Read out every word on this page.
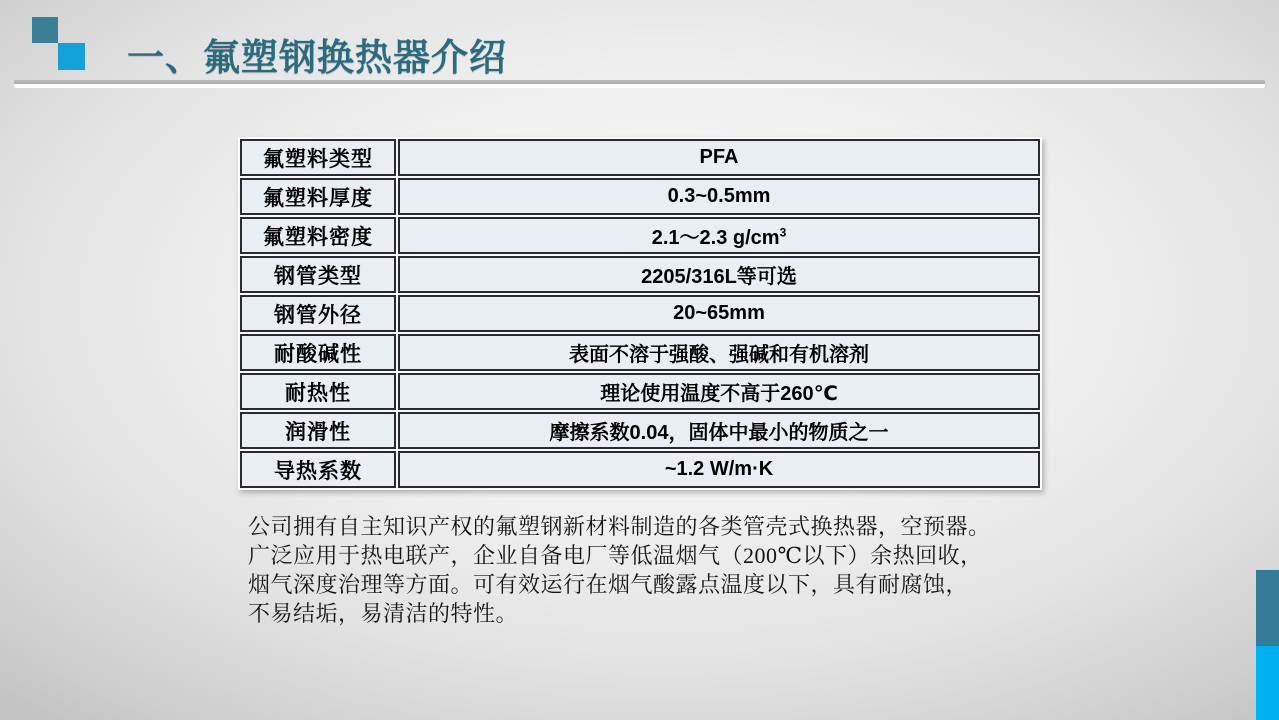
一、氟塑钢换热器介绍
氟塑料类型	PFA
氟塑料厚度	0.3~0.5mm
氟塑料密度	2.1～2.3 $g/cm^3$
钢管类型	2205/316L等可选
钢管外径	20~65mm
耐酸碱性	表面不溶于强酸、强碱和有机溶剂
耐热性	理论使用温度不高于260℃
润滑性	摩擦系数0.04，固体中最小的物质之一
导热系数	~1.2 W/m·K
公司拥有自主知识产权的氟塑钢新材料制造的各类管壳式换热器，空预器。
广泛应用于热电联产，企业自备电厂等低温烟气（200℃以下）余热回收，
烟气深度治理等方面。可有效运行在烟气酸露点温度以下，具有耐腐蚀，
不易结垢，易清洁的特性。
